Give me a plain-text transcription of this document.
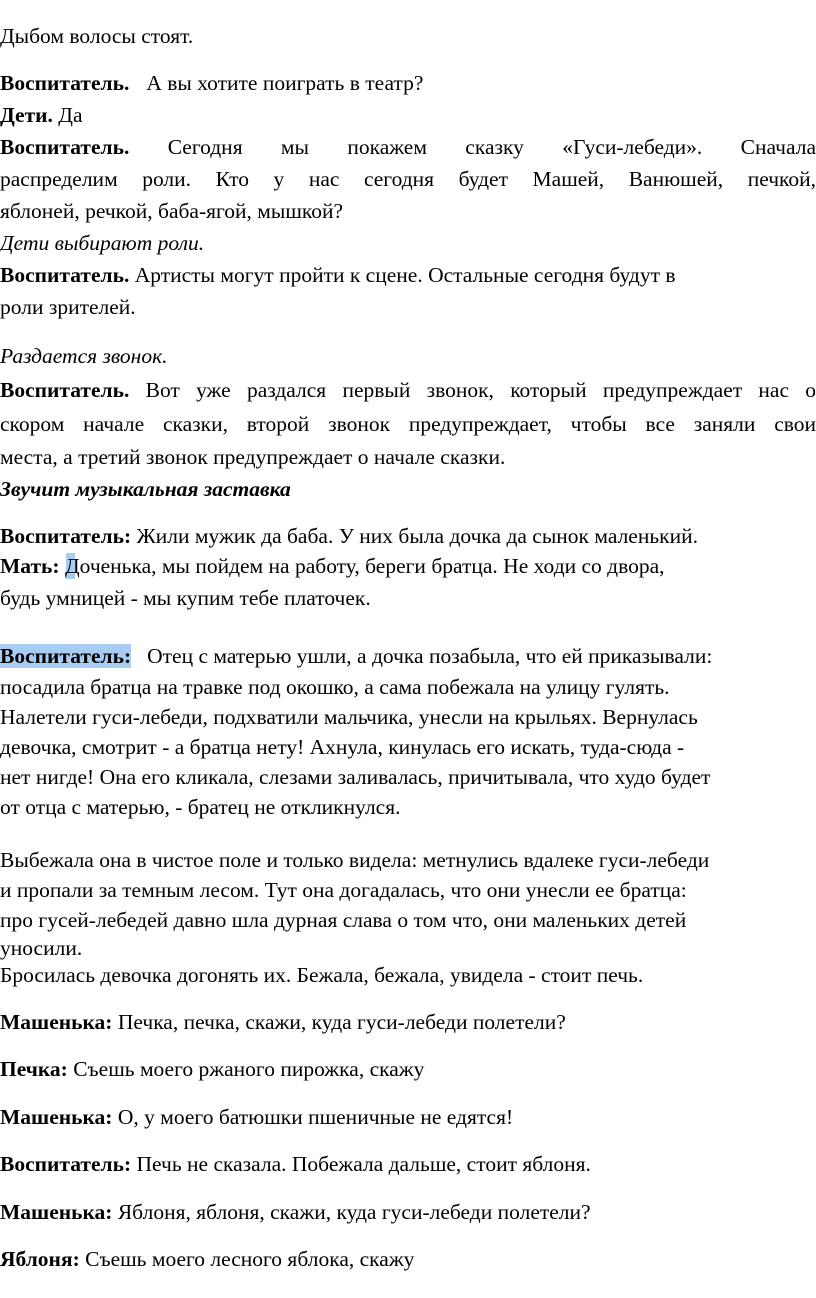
Дыбом волосы стоят.
Воспитатель. А вы хотите поиграть в театр?
Дети. Да
Воспитатель. Сегодня мы покажем сказку «Гуси-лебеди». Сначала
распределим роли. Кто у нас сегодня будет Машей, Ванюшей, печкой,
яблоней, речкой, баба-ягой, мышкой?
Дети выбирают роли.
Воспитатель. Артисты могут пройти к сцене. Остальные сегодня будут в
роли зрителей.
Раздается звонок.
Воспитатель. Вот уже раздался первый звонок, который предупреждает нас о
скором начале сказки, второй звонок предупреждает, чтобы все заняли свои
места, а третий звонок предупреждает о начале сказки.
Звучит музыкальная заставка
Воспитатель: Жили мужик да баба. У них была дочка да сынок маленький.
Мать: Доченька, мы пойдем на работу, береги братца. Не ходи со двора,
будь умницей - мы купим тебе платочек.
Воспитатель: Отец с матерью ушли, а дочка позабыла, что ей приказывали:
посадила братца на травке под окошко, а сама побежала на улицу гулять.
Налетели гуси-лебеди, подхватили мальчика, унесли на крыльях. Вернулась
девочка, смотрит - а братца нету! Ахнула, кинулась его искать, туда-сюда -
нет нигде! Она его кликала, слезами заливалась, причитывала, что худо будет
от отца с матерью, - братец не откликнулся.
Выбежала она в чистое поле и только видела: метнулись вдалеке гуси-лебеди
и пропали за темным лесом. Тут она догадалась, что они унесли ее братца:
про гусей-лебедей давно шла дурная слава о том что, они маленьких детей
уносили.
Бросилась девочка догонять их. Бежала, бежала, увидела - стоит печь.
Машенька: Печка, печка, скажи, куда гуси-лебеди полетели?
Печка: Съешь моего ржаного пирожка, скажу
Машенька: О, у моего батюшки пшеничные не едятся!
Воспитатель: Печь не сказала. Побежала дальше, стоит яблоня.
Машенька: Яблоня, яблоня, скажи, куда гуси-лебеди полетели?
Яблоня: Съешь моего лесного яблока, скажу
